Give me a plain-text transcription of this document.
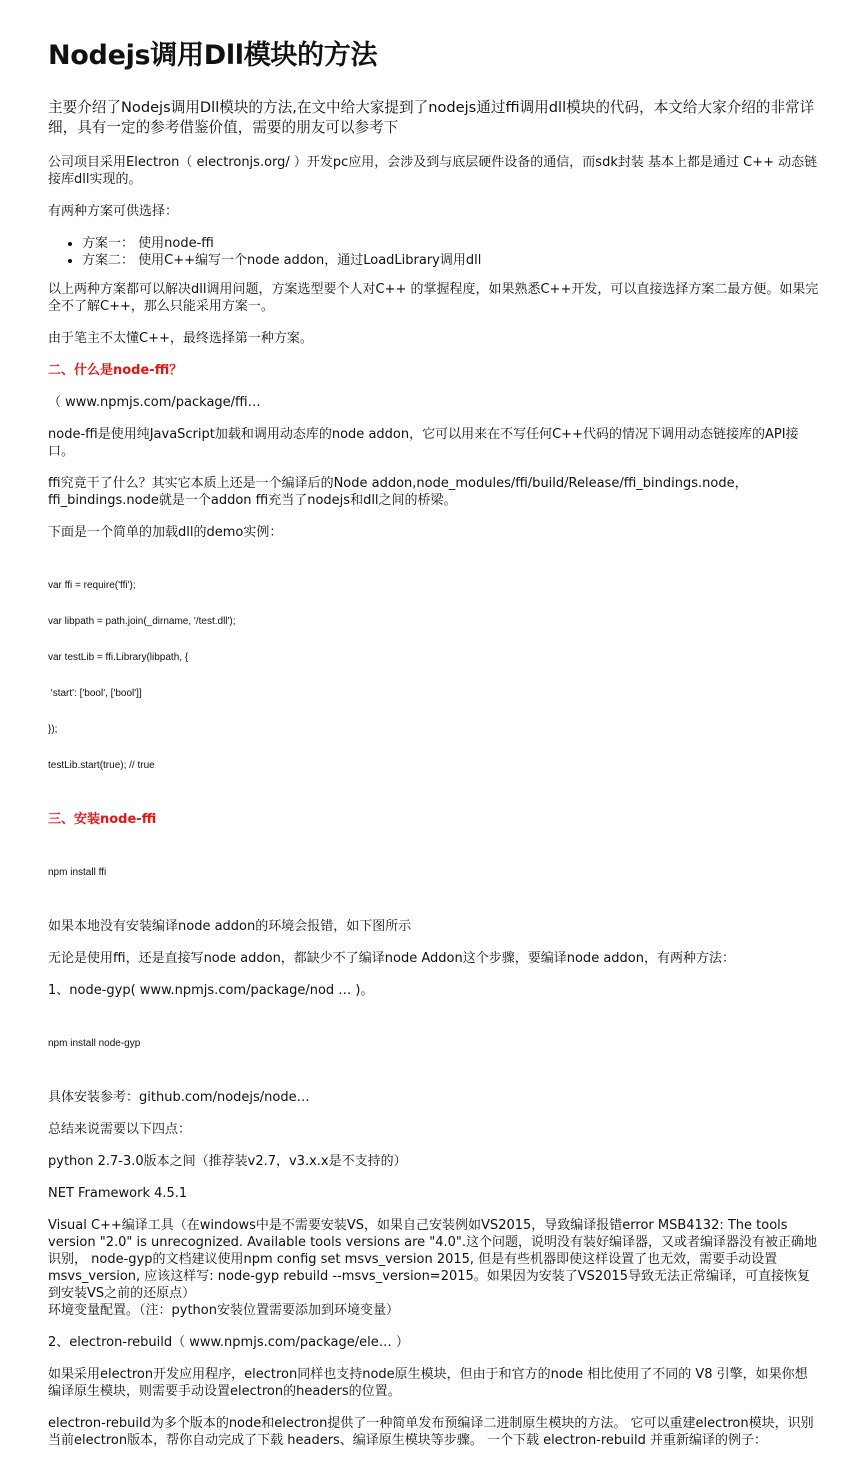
Nodejs调用Dll模块的方法
主要介绍了Nodejs调用Dll模块的方法,在文中给大家提到了nodejs通过ffi调用dll模块的代码，本文给大家介绍的非常详细，具有一定的参考借鉴价值，需要的朋友可以参考下

公司项目采用Electron（ electronjs.org/ ）开发pc应用，会涉及到与底层硬件设备的通信，而sdk封装 基本上都是通过 C++ 动态链接库dll实现的。

有两种方案可供选择：

• 方案一： 使用node-ffi
• 方案二： 使用C++编写一个node addon，通过LoadLibrary调用dll

以上两种方案都可以解决dll调用问题，方案选型要个人对C++ 的掌握程度，如果熟悉C++开发，可以直接选择方案二最方便。如果完全不了解C++，那么只能采用方案一。

由于笔主不太懂C++，最终选择第一种方案。

二、什么是node-ffi？

（ www.npmjs.com/package/ffi…

node-ffi是使用纯JavaScript加载和调用动态库的node addon，它可以用来在不写任何C++代码的情况下调用动态链接库的API接口。

ffi究竟干了什么？其实它本质上还是一个编译后的Node addon,node_modules/ffi/build/Release/ffi_bindings.node，ffi_bindings.node就是一个addon ffi充当了nodejs和dll之间的桥梁。

下面是一个简单的加载dll的demo实例：

var ffi = require('ffi');

var libpath = path.join(_dirname, '/test.dll');

var testLib = ffi.Library(libpath, {

'start': ['bool', ['bool']]

});

testLib.start(true); // true

三、安装node-ffi

npm install ffi

如果本地没有安装编译node addon的环境会报错，如下图所示

无论是使用ffi，还是直接写node addon，都缺少不了编译node Addon这个步骤，要编译node addon，有两种方法：

1、node-gyp( www.npmjs.com/package/nod … )。

npm install node-gyp

具体安装参考：github.com/nodejs/node…

总结来说需要以下四点：

python 2.7-3.0版本之间（推荐装v2.7，v3.x.x是不支持的）

NET Framework 4.5.1

Visual C++编译工具（在windows中是不需要安装VS，如果自己安装例如VS2015，导致编译报错error MSB4132: The tools version "2.0" is unrecognized. Available tools versions are "4.0".这个问题，说明没有装好编译器，又或者编译器没有被正确地识别， node-gyp的文档建议使用npm config set msvs_version 2015, 但是有些机器即使这样设置了也无效，需要手动设置msvs_version, 应该这样写: node-gyp rebuild --msvs_version=2015。如果因为安装了VS2015导致无法正常编译，可直接恢复到安装VS之前的还原点）

环境变量配置。（注：python安装位置需要添加到环境变量）

2、electron-rebuild（ www.npmjs.com/package/ele… ）

如果采用electron开发应用程序，electron同样也支持node原生模块，但由于和官方的node 相比使用了不同的 V8 引擎，如果你想编译原生模块，则需要手动设置electron的headers的位置。

electron-rebuild为多个版本的node和electron提供了一种简单发布预编译二进制原生模块的方法。 它可以重建electron模块，识别当前electron版本，帮你自动完成了下载 headers、编译原生模块等步骤。 一个下载 electron-rebuild 并重新编译的例子：
